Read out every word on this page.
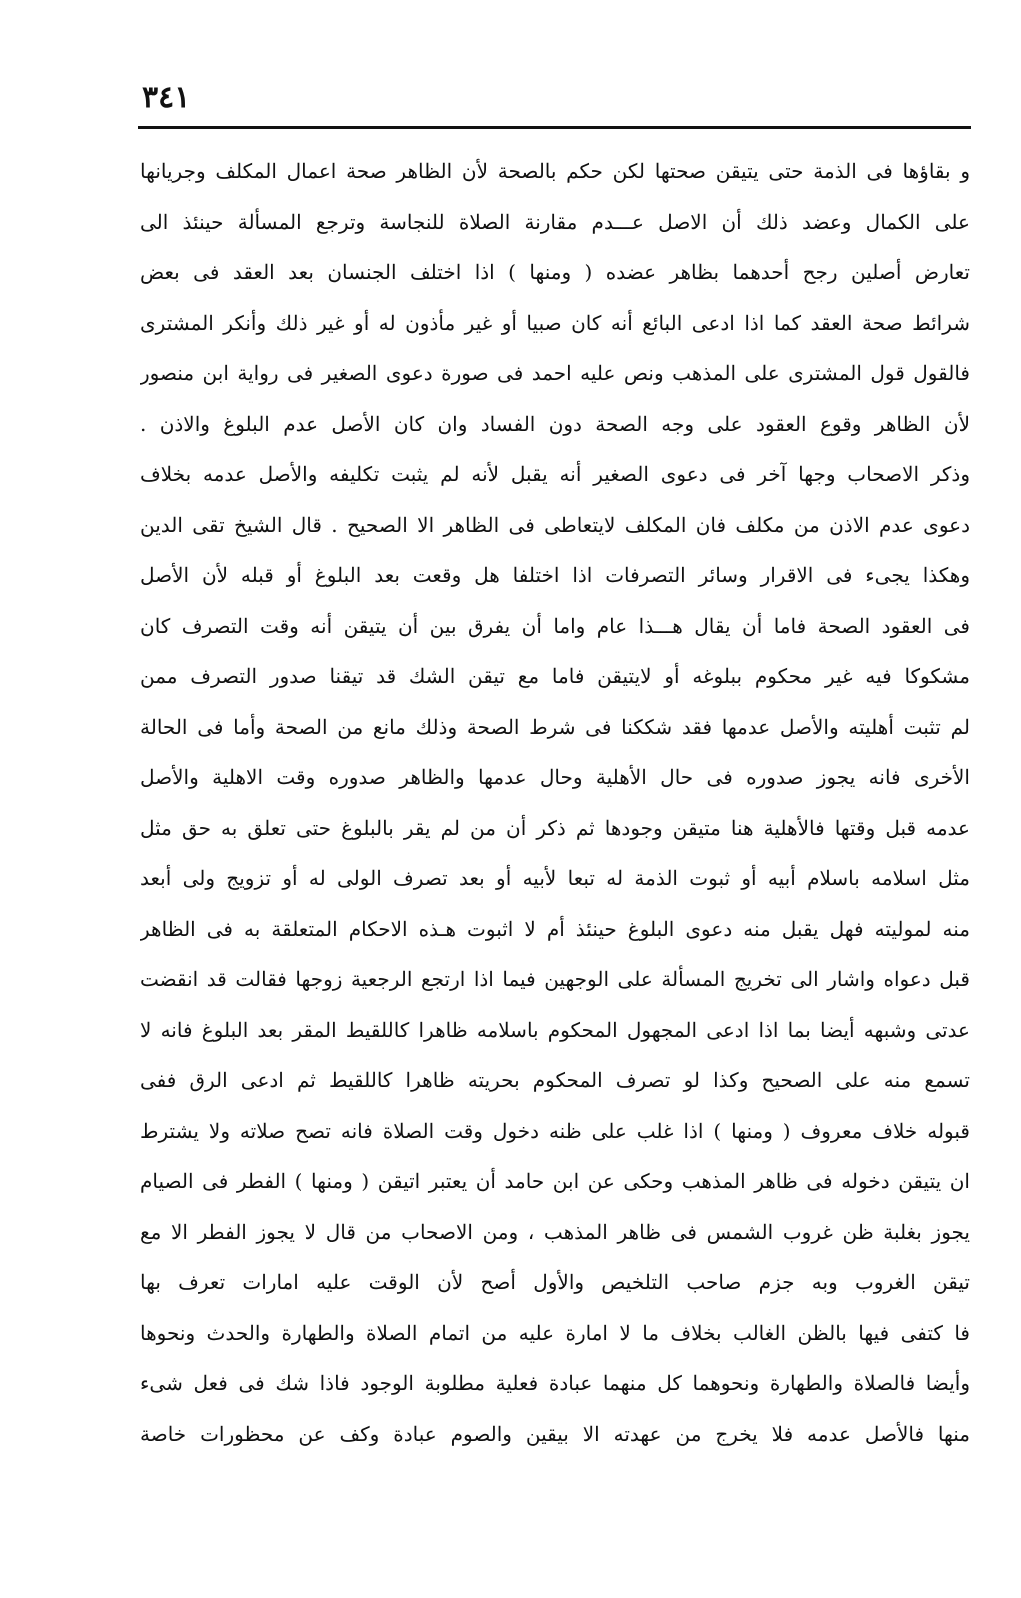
٣٤١
و بقاؤها فى الذمة حتى يتيقن صحتها لكن حكم بالصحة لأن الظاهر صحة اعمال المكلف وجريانها
على الكمال وعضد ذلك أن الاصل عـــدم مقارنة الصلاة للنجاسة وترجع المسألة حينئذ الى
تعارض أصلين رجح أحدهما بظاهر عضده ( ومنها ) اذا اختلف الجنسان بعد العقد فى بعض
شرائط صحة العقد كما اذا ادعى البائع أنه كان صبيا أو غير مأذون له أو غير ذلك وأنكر المشترى
فالقول قول المشترى على المذهب ونص عليه احمد فى صورة دعوى الصغير فى رواية ابن منصور
لأن الظاهر وقوع العقود على وجه الصحة دون الفساد وان كان الأصل عدم البلوغ والاذن .
وذكر الاصحاب وجها آخر فى دعوى الصغير أنه يقبل لأنه لم يثبت تكليفه والأصل عدمه بخلاف
دعوى عدم الاذن من مكلف فان المكلف لايتعاطى فى الظاهر الا الصحيح . قال الشيخ تقى الدين
وهكذا يجىء فى الاقرار وسائر التصرفات اذا اختلفا هل وقعت بعد البلوغ أو قبله لأن الأصل
فى العقود الصحة فاما أن يقال هـــذا عام واما أن يفرق بين أن يتيقن أنه وقت التصرف كان
مشكوكا فيه غير محكوم ببلوغه أو لايتيقن فاما مع تيقن الشك قد تيقنا صدور التصرف ممن
لم تثبت أهليته والأصل عدمها فقد شككنا فى شرط الصحة وذلك مانع من الصحة وأما فى الحالة
الأخرى فانه يجوز صدوره فى حال الأهلية وحال عدمها والظاهر صدوره وقت الاهلية والأصل
عدمه قبل وقتها فالأهلية هنا متيقن وجودها ثم ذكر أن من لم يقر بالبلوغ حتى تعلق به حق مثل
مثل اسلامه باسلام أبيه أو ثبوت الذمة له تبعا لأبيه أو بعد تصرف الولى له أو تزويج ولى أبعد
منه لموليته فهل يقبل منه دعوى البلوغ حينئذ أم لا اثبوت هـذه الاحكام المتعلقة به فى الظاهر
قبل دعواه واشار الى تخريج المسألة على الوجهين فيما اذا ارتجع الرجعية زوجها فقالت قد انقضت
عدتى وشبهه أيضا بما اذا ادعى المجهول المحكوم باسلامه ظاهرا كاللقيط المقر بعد البلوغ فانه لا
تسمع منه على الصحيح وكذا لو تصرف المحكوم بحريته ظاهرا كاللقيط ثم ادعى الرق ففى
قبوله خلاف معروف ( ومنها ) اذا غلب على ظنه دخول وقت الصلاة فانه تصح صلاته ولا يشترط
ان يتيقن دخوله فى ظاهر المذهب وحكى عن ابن حامد أن يعتبر اتيقن ( ومنها ) الفطر فى الصيام
يجوز بغلبة ظن غروب الشمس فى ظاهر المذهب ، ومن الاصحاب من قال لا يجوز الفطر الا مع
تيقن الغروب وبه جزم صاحب التلخيص والأول أصح لأن الوقت عليه امارات تعرف بها
فا كتفى فيها بالظن الغالب بخلاف ما لا امارة عليه من اتمام الصلاة والطهارة والحدث ونحوها
وأيضا فالصلاة والطهارة ونحوهما كل منهما عبادة فعلية مطلوبة الوجود فاذا شك فى فعل شىء
منها فالأصل عدمه فلا يخرج من عهدته الا بيقين والصوم عبادة وكف عن محظورات خاصة
